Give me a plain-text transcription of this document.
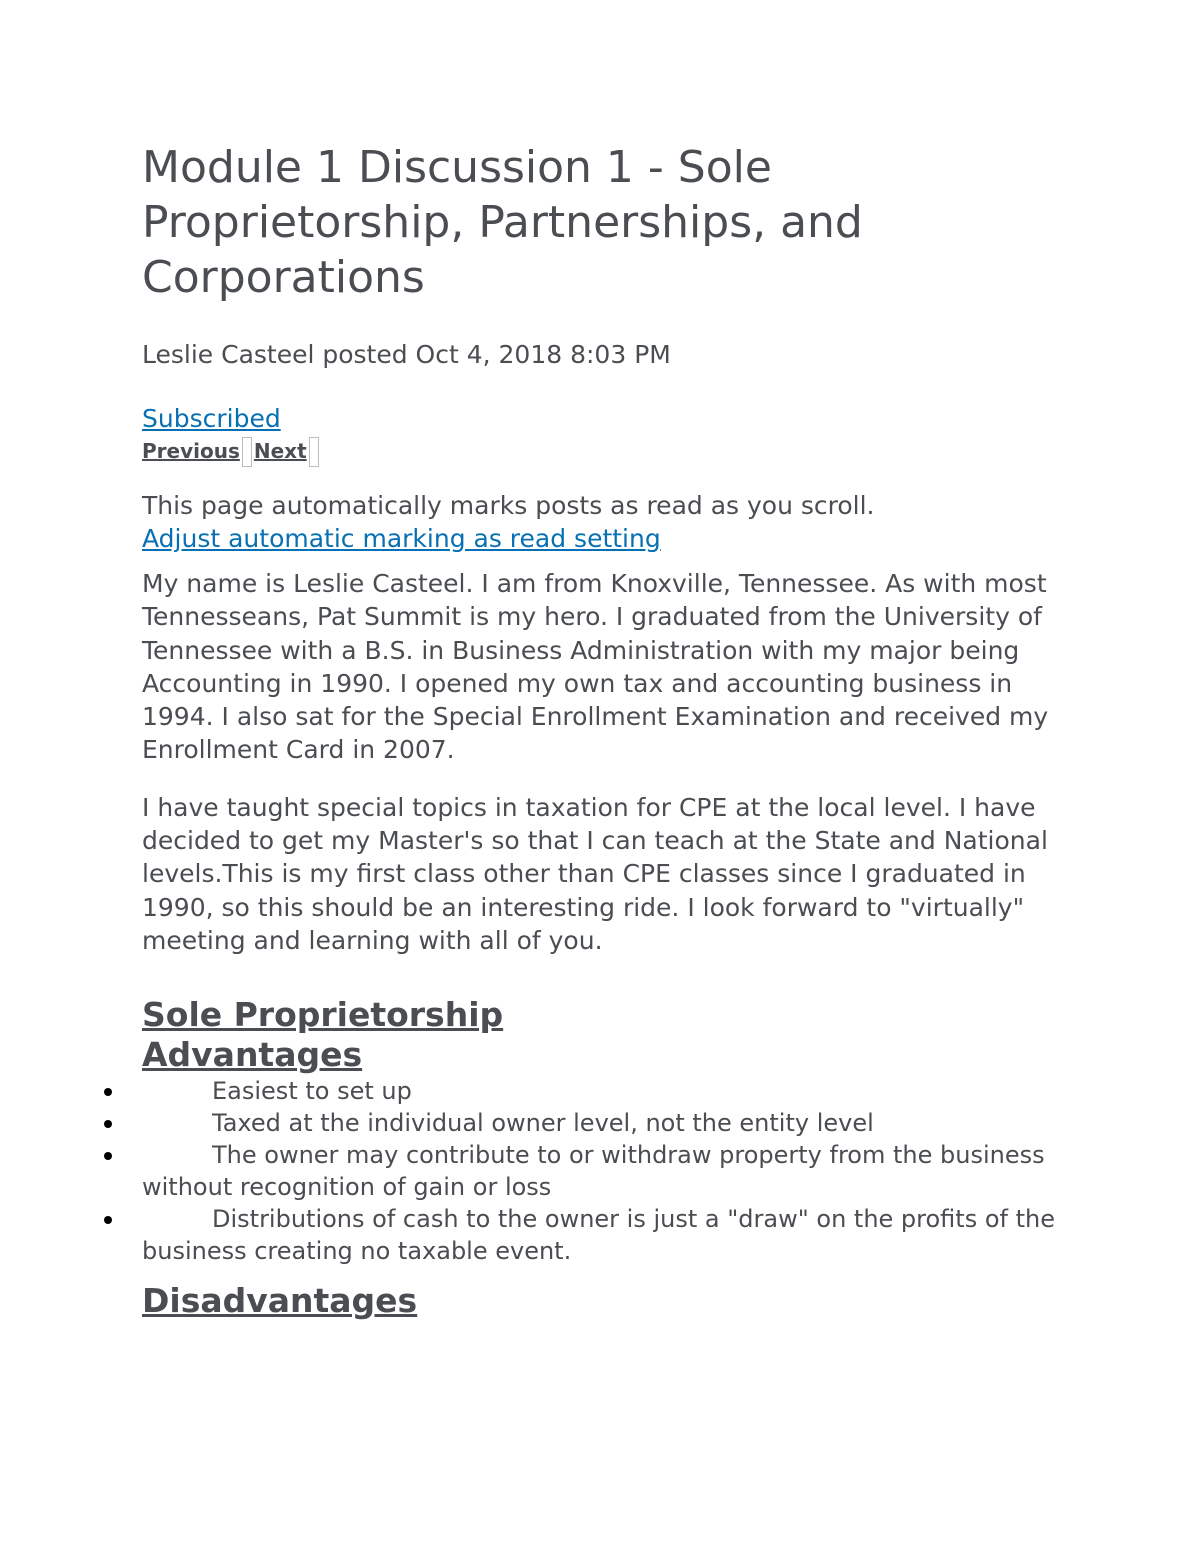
Module 1 Discussion 1 - Sole Proprietorship, Partnerships, and Corporations

Leslie Casteel posted Oct 4, 2018 8:03 PM

Subscribed
Previous Next
This page automatically marks posts as read as you scroll.
Adjust automatic marking as read setting

My name is Leslie Casteel. I am from Knoxville, Tennessee. As with most Tennesseans, Pat Summit is my hero. I graduated from the University of Tennessee with a B.S. in Business Administration with my major being Accounting in 1990. I opened my own tax and accounting business in 1994. I also sat for the Special Enrollment Examination and received my Enrollment Card in 2007.

I have taught special topics in taxation for CPE at the local level. I have decided to get my Master's so that I can teach at the State and National levels.This is my first class other than CPE classes since I graduated in 1990, so this should be an interesting ride. I look forward to "virtually" meeting and learning with all of you.

Sole Proprietorship
Advantages
Easiest to set up
Taxed at the individual owner level, not the entity level
The owner may contribute to or withdraw property from the business without recognition of gain or loss
Distributions of cash to the owner is just a "draw" on the profits of the business creating no taxable event.
Disadvantages
